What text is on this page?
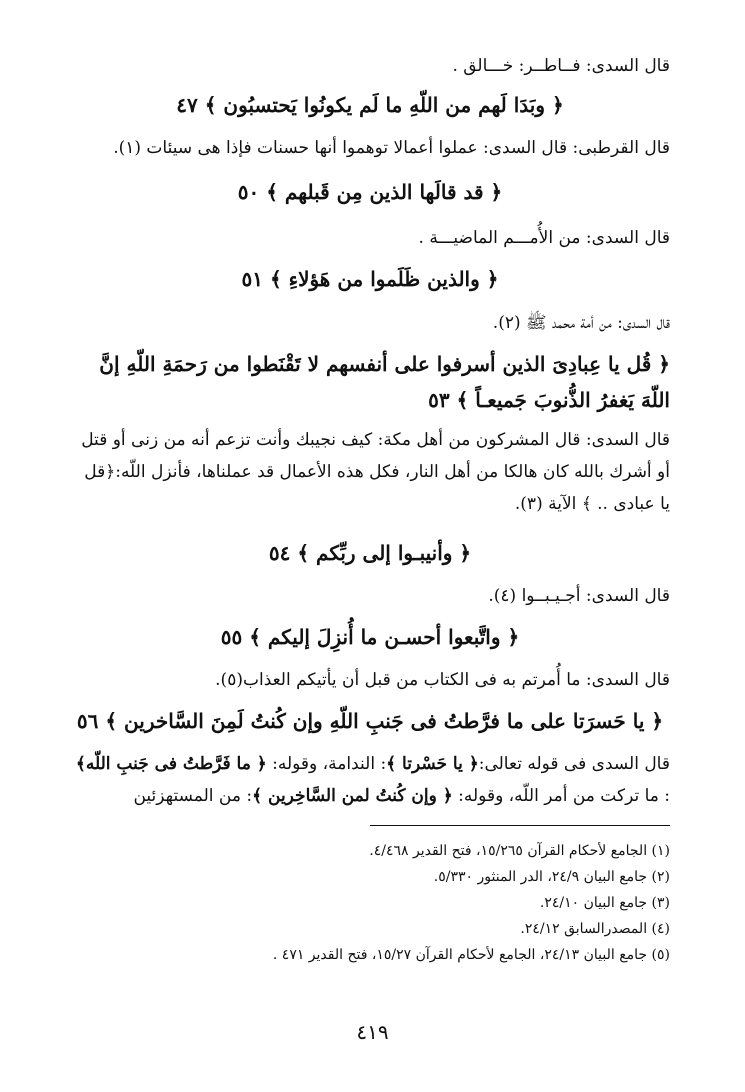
قال السدى: فــاطــر: خـــالق .
﴿ وبَدَا لَهم من اللّهِ ما لَم يكونُوا يَحتسبُون ﴾ ٤٧
قال القرطبى: قال السدى: عملوا أعمالا توهموا أنها حسنات فإذا هى سيئات (١).
﴿ قد قالَها الذين مِن قَبلهم ﴾ ٥٠
قال السدى: من الأُمـــم الماضيـــة .
﴿ والذين ظَلَموا من هَؤلاءِ ﴾ ٥١
قال السدى: من أمة محمد ﷺ (٢).
﴿ قُل يا عِبادِىَ الذين أسرفوا على أنفسهم لا تَقْنَطوا من رَحمَةِ اللّهِ إنَّ اللّهَ يَغفرُ الذُّنوبَ جَميعـاً ﴾ ٥٣
قال السدى: قال المشركون من أهل مكة: كيف نجيبك وأنت تزعم أنه من زنى أو قتل أو أشرك بالله كان هالكا من أهل النار، فكل هذه الأعمال قد عملناها، فأنزل اللّه:﴿قل يا عبادى .. ﴾ الآية (٣).
﴿ وأنيبـوا إلى ربِّكم ﴾ ٥٤
قال السدى: أجـيـبــوا (٤).
﴿ واتَّبعوا أحسـن ما أُنزِلَ إليكم ﴾ ٥٥
قال السدى: ما أُمرتم به فى الكتاب من قبل أن يأتيكم العذاب(٥).
﴿ يا حَسرَتا على ما فرَّطتُ فى جَنبِ اللّهِ وإن كُنتُ لَمِنَ السَّاخرين ﴾ ٥٦
قال السدى فى قوله تعالى:﴿ يا حَسْرتا ﴾: الندامة، وقوله: ﴿ ما فَرَّطتُ فى جَنبِ اللّه﴾ : ما تركت من أمر اللّه، وقوله: ﴿ وإن كُنتُ لمن السَّاخِرين ﴾: من المستهزئين
(١) الجامع لأحكام القرآن ١٥/٢٦٥، فتح القدير ٤/٤٦٨.
(٢) جامع البيان ٢٤/٩، الدر المنثور ٥/٣٣٠.
(٣) جامع البيان ٢٤/١٠.
(٤) المصدرالسابق ٢٤/١٢.
(٥) جامع البيان ٢٤/١٣، الجامع لأحكام القرآن ١٥/٢٧، فتح القدير ٤٧١ .
٤١٩
